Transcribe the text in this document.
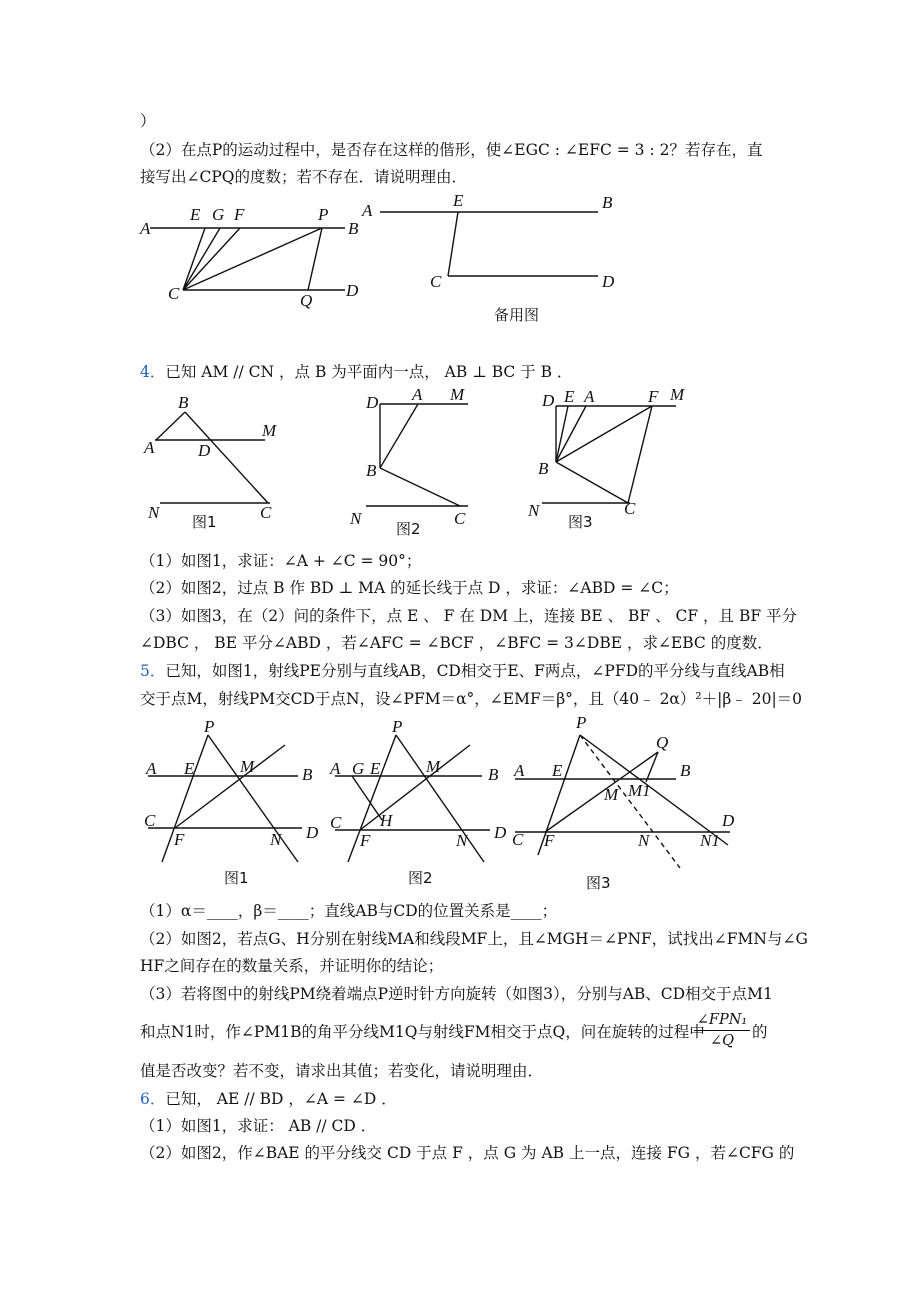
）
（2）在点P的运动过程中，是否存在这样的偕形，使∠EGC : ∠EFC = 3 : 2？若存在，直
接写出∠CPQ的度数；若不存在．请说明理由．
A
E G F	P
B
C	Q
D
A
E	B
C	D
备用图
4．已知 AM // CN ，点 B 为平面内一点， AB ⊥ BC 于 B ．
B
A	D
M
N	C
图1
D A M
B
N	C
图2
D E A	F M
B
N	C
图3
（1）如图1，求证：∠A + ∠C = 90°；
（2）如图2，过点 B 作 BD ⊥ MA 的延长线于点 D ，求证：∠ABD = ∠C；
（3）如图3，在（2）问的条件下，点 E 、 F 在 DM 上，连接 BE 、 BF 、 CF ，且 BF 平分
∠DBC ， BE 平分∠ABD ，若∠AFC = ∠BCF ，∠BFC = 3∠DBE ，求∠EBC 的度数．
5．已知，如图1，射线PE分别与直线AB，CD相交于E、F两点，∠PFD的平分线与直线AB相
交于点M，射线PM交CD于点N，设∠PFM＝α°，∠EMF＝β°，且（40﹣ 2α）²＋|β﹣ 20|＝0
P
A E	M	B
C
F	N D
图1
P
A G E	M	B
C H
F	N D
图2
P
Q
A E
M M1
B
C F	N	N1
D
图3
（1）α＝____，β＝____；直线AB与CD的位置关系是____；
（2）如图2，若点G、H分别在射线MA和线段MF上，且∠MGH＝∠PNF，试找出∠FMN与∠G
HF之间存在的数量关系，并证明你的结论；
（3）若将图中的射线PM绕着端点P逆时针方向旋转（如图3），分别与AB、CD相交于点M1
和点N1时，作∠PM1B的角平分线M1Q与射线FM相交于点Q，问在旋转的过程中
∠FPN₁
∠Q	的
值是否改变？若不变，请求出其值；若变化，请说明理由．
6．已知， AE // BD ，∠A = ∠D ．
（1）如图1，求证： AB // CD ．
（2）如图2，作∠BAE 的平分线交 CD 于点 F ，点 G 为 AB 上一点，连接 FG ，若∠CFG 的
